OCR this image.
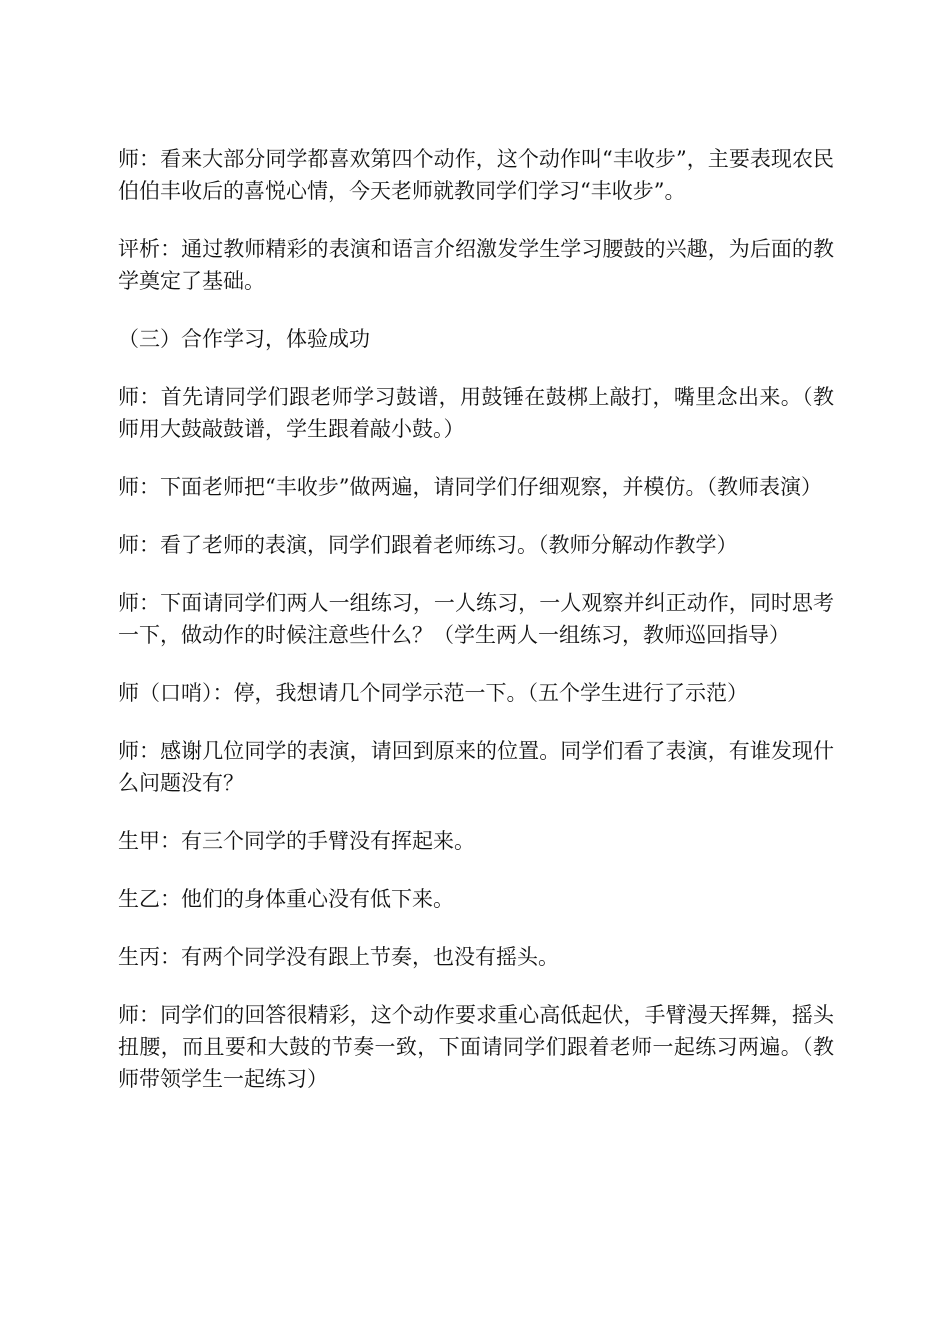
师：看来大部分同学都喜欢第四个动作，这个动作叫“丰收步”，主要表现农民伯伯丰收后的喜悦心情，今天老师就教同学们学习“丰收步”。

评析：通过教师精彩的表演和语言介绍激发学生学习腰鼓的兴趣，为后面的教学奠定了基础。

（三）合作学习，体验成功

师：首先请同学们跟老师学习鼓谱，用鼓锤在鼓梆上敲打，嘴里念出来。（教师用大鼓敲鼓谱，学生跟着敲小鼓。）

师：下面老师把“丰收步”做两遍，请同学们仔细观察，并模仿。（教师表演）

师：看了老师的表演，同学们跟着老师练习。（教师分解动作教学）

师：下面请同学们两人一组练习，一人练习，一人观察并纠正动作，同时思考一下，做动作的时候注意些什么？（学生两人一组练习，教师巡回指导）

师（口哨）：停，我想请几个同学示范一下。（五个学生进行了示范）

师：感谢几位同学的表演，请回到原来的位置。同学们看了表演，有谁发现什么问题没有？

生甲：有三个同学的手臂没有挥起来。

生乙：他们的身体重心没有低下来。

生丙：有两个同学没有跟上节奏，也没有摇头。

师：同学们的回答很精彩，这个动作要求重心高低起伏，手臂漫天挥舞，摇头扭腰，而且要和大鼓的节奏一致，下面请同学们跟着老师一起练习两遍。（教师带领学生一起练习）
